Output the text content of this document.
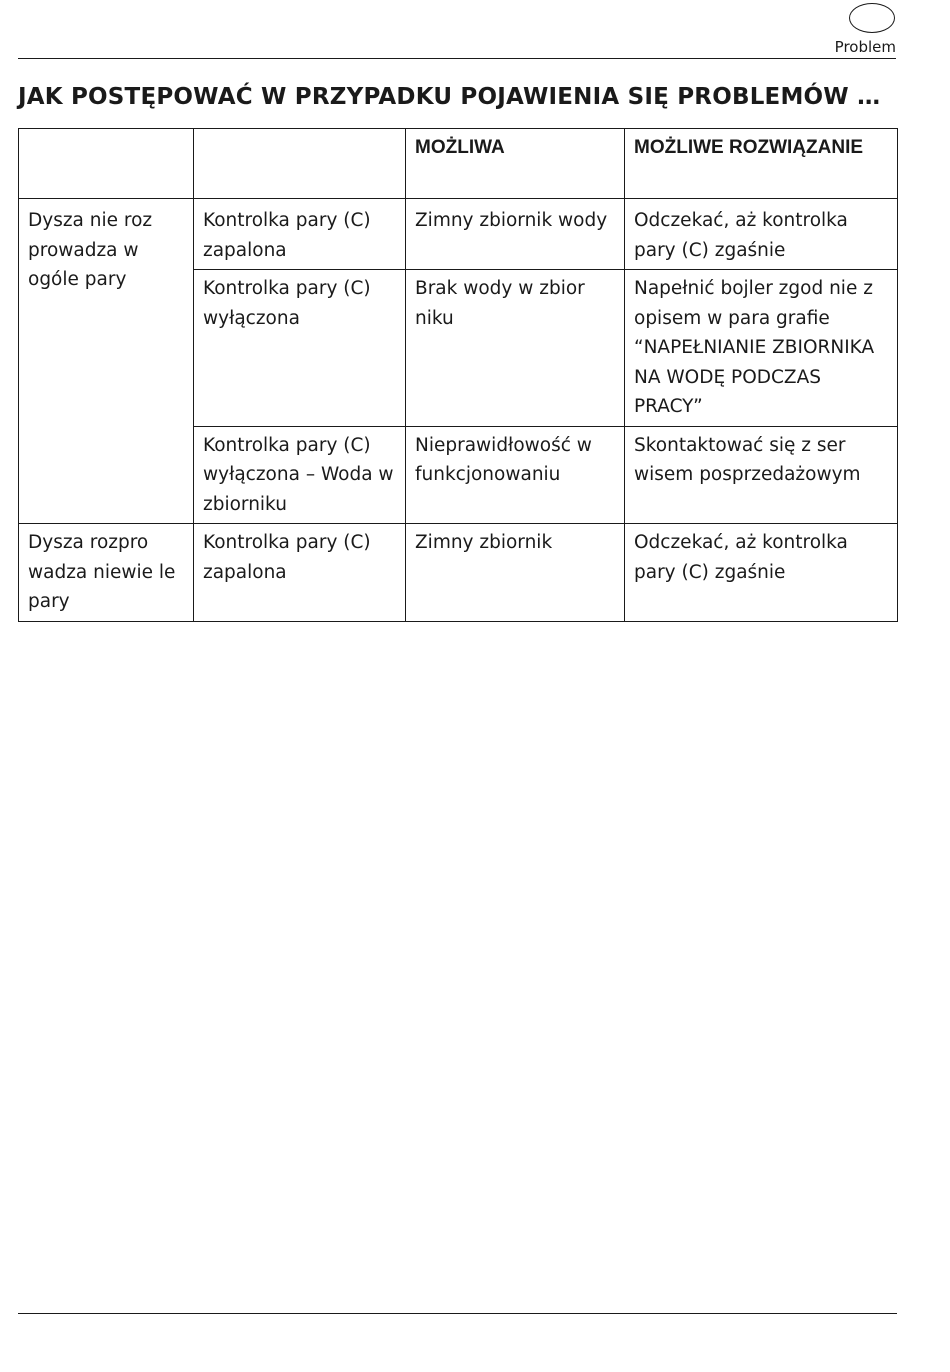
Problem
JAK POSTĘPOWAĆ W PRZYPADKU POJAWIENIA SIĘ PROBLEMÓW …
		MOŻLIWA	MOŻLIWE ROZWIĄZANIE
Dysza nie roz prowadza w ogóle pary	Kontrolka pary (C) zapalona	Zimny zbiornik wody	Odczekać, aż kontrolka pary (C) zgaśnie
	Kontrolka pary (C) wyłączona	Brak wody w zbior niku	Napełnić bojler zgod nie z opisem w para grafie “NAPEŁNIANIE ZBIORNIKA NA WODĘ PODCZAS PRACY”
	Kontrolka pary (C) wyłączona – Woda w zbiorniku	Nieprawidłowość w funkcjonowaniu	Skontaktować się z ser wisem posprzedażowym
Dysza rozpro wadza niewie le pary	Kontrolka pary (C) zapalona	Zimny zbiornik	Odczekać, aż kontrolka pary (C) zgaśnie
